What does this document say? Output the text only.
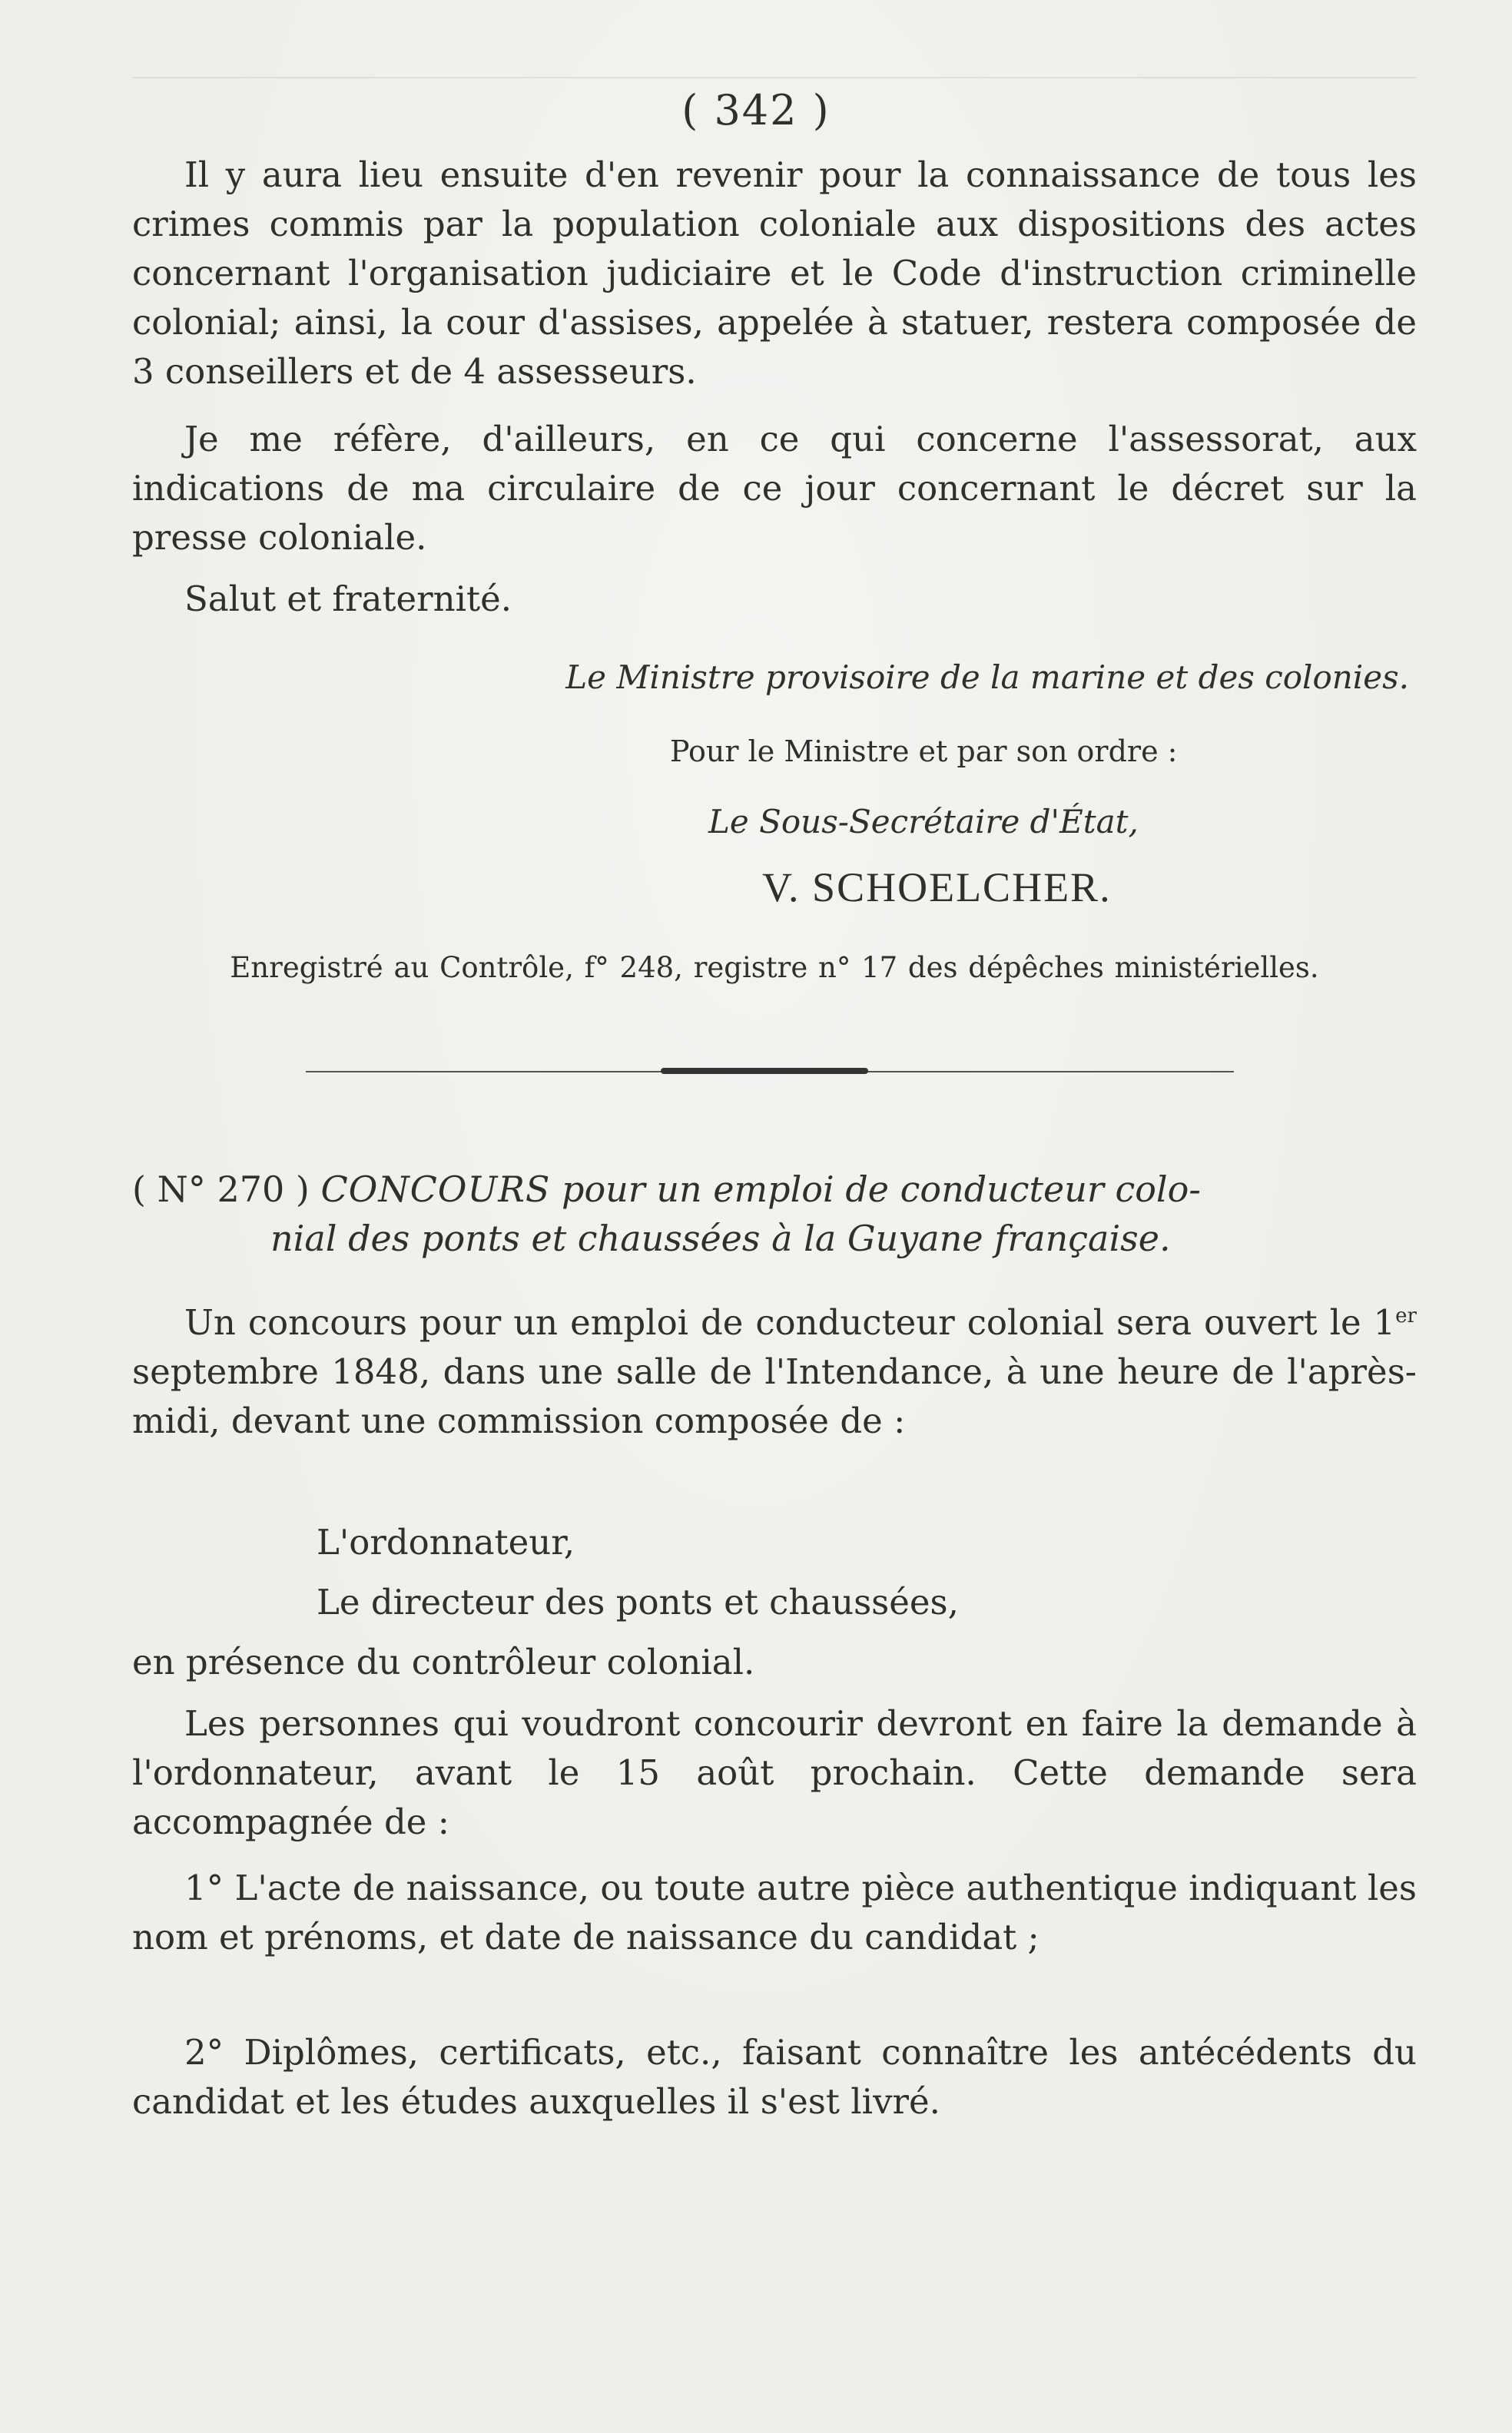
( 342 )

Il y aura lieu ensuite d'en revenir pour la connaissance de tous les crimes commis par la population coloniale aux dispositions des actes concernant l'organisation judiciaire et le Code d'instruction criminelle colonial; ainsi, la cour d'assises, appelée à statuer, restera composée de 3 conseillers et de 4 assesseurs.

Je me réfère, d'ailleurs, en ce qui concerne l'assessorat, aux indications de ma circulaire de ce jour concernant le décret sur la presse coloniale.

Salut et fraternité.

Le Ministre provisoire de la marine et des colonies.
Pour le Ministre et par son ordre :
Le Sous-Secrétaire d'État,
V. SCHOELCHER.
Enregistré au Contrôle, f° 248, registre n° 17 des dépêches ministérielles.
( N° 270 ) CONCOURS pour un emploi de conducteur colo-
nial des ponts et chaussées à la Guyane française.

Un concours pour un emploi de conducteur colonial sera ouvert le 1er septembre 1848, dans une salle de l'Intendance, à une heure de l'après-midi, devant une commission composée de :

L'ordonnateur,
Le directeur des ponts et chaussées,

en présence du contrôleur colonial.

Les personnes qui voudront concourir devront en faire la demande à l'ordonnateur, avant le 15 août prochain. Cette demande sera accompagnée de :

1° L'acte de naissance, ou toute autre pièce authentique indiquant les nom et prénoms, et date de naissance du candidat ;

2° Diplômes, certificats, etc., faisant connaître les antécédents du candidat et les études auxquelles il s'est livré.
